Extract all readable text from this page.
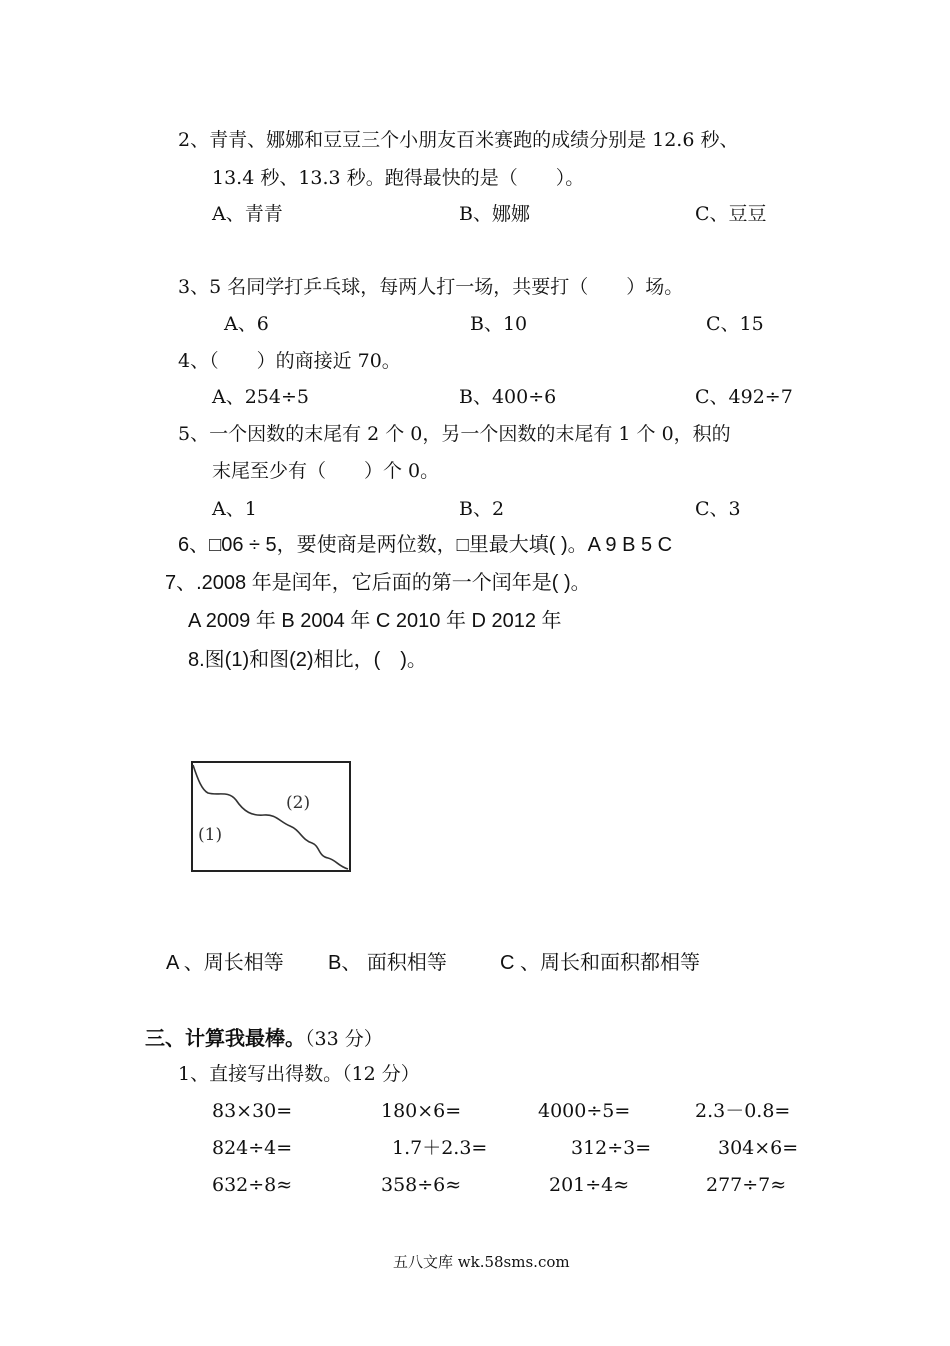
2、青青、娜娜和豆豆三个小朋友百米赛跑的成绩分别是 12.6 秒、
13.4 秒、13.3 秒。跑得最快的是（　　）。
A、青青	B、娜娜	C、豆豆
3、5 名同学打乒乓球，每两人打一场，共要打（　　）场。
A、6	B、10	C、15
4、（　　）的商接近 70。
A、254÷5	B、400÷6	C、492÷7
5、一个因数的末尾有 2 个 0，另一个因数的末尾有 1 个 0，积的
末尾至少有（　　）个 0。
A、1	B、2	C、3
6、□06 ÷ 5，要使商是两位数，□里最大填( )。A 9 B 5 C
7、.2008 年是闰年，它后面的第一个闰年是( )。
A 2009 年 B 2004 年 C 2010 年 D 2012 年
8.图(1)和图(2)相比，(　)。
(2)
(1)
A 、周长相等 B、 面积相等	C 、周长和面积都相等
三、计算我最棒。（33 分）
1、直接写出得数。（12 分）
83×30=	180×6=	4000÷5=	2.3－0.8=
824÷4=	1.7＋2.3=	312÷3=	304×6=
632÷8≈	358÷6≈	201÷4≈	277÷7≈
五八文库 wk.58sms.com
